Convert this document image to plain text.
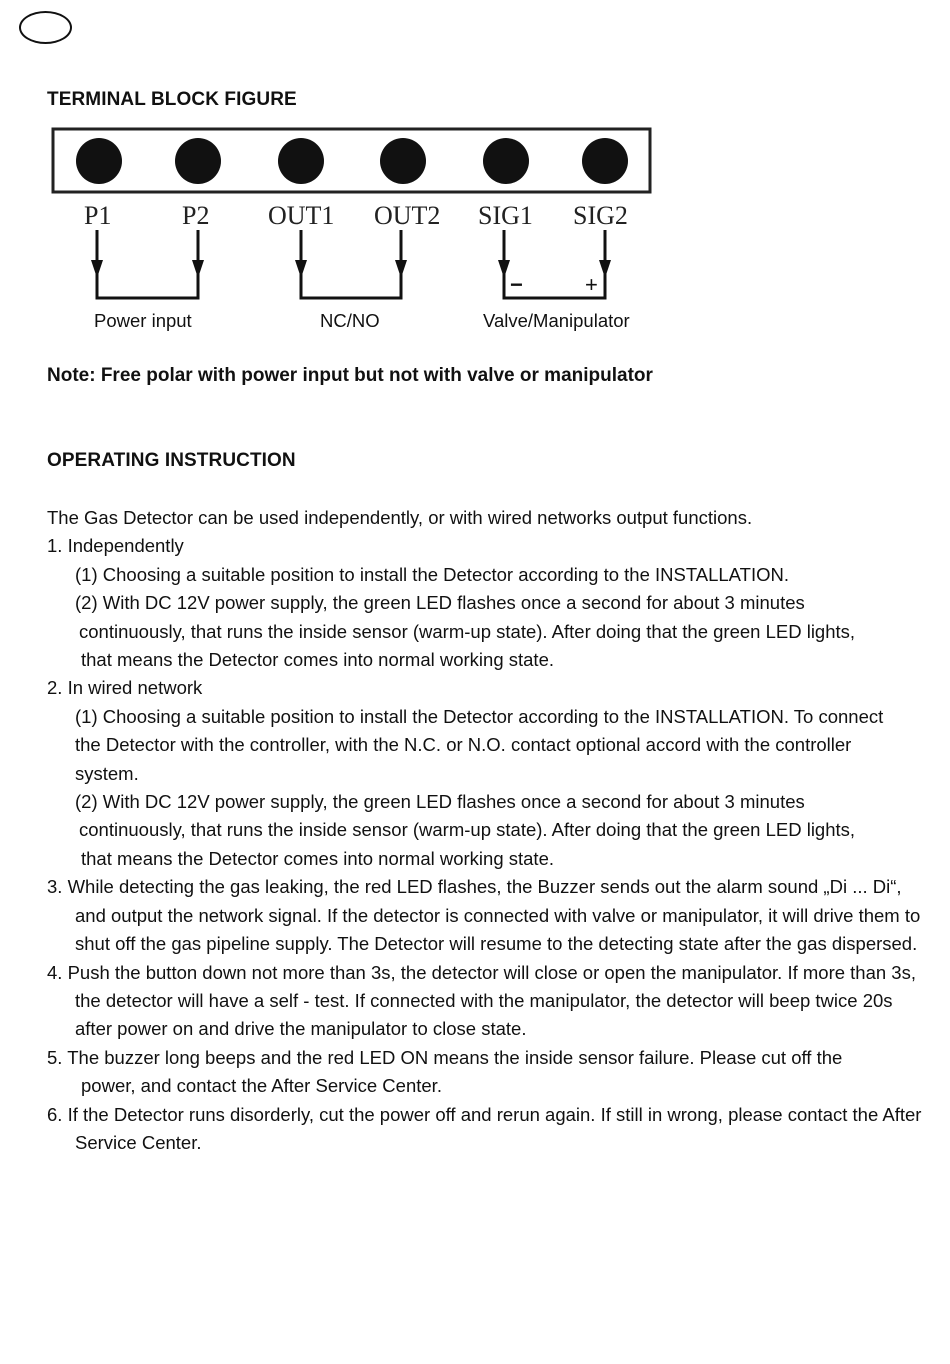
TERMINAL BLOCK FIGURE
P1	P2 OUT1 OUT2 SIG1 SIG2
−	+
Power input	NC/NO	Valve/Manipulator
Note: Free polar with power input but not with valve or manipulator
OPERATING INSTRUCTION

The Gas Detector can be used independently, or with wired networks output functions.

1. Independently

(1) Choosing a suitable position to install the Detector according to the INSTALLATION.

(2) With DC 12V power supply, the green LED flashes once a second for about 3 minutes

continuously, that runs the inside sensor (warm-up state). After doing that the green LED lights,

that means the Detector comes into normal working state.

2. In wired network

(1) Choosing a suitable position to install the Detector according to the INSTALLATION. To connect

the Detector with the controller, with the N.C. or N.O. contact optional accord with the controller

system.

(2) With DC 12V power supply, the green LED flashes once a second for about 3 minutes

continuously, that runs the inside sensor (warm-up state). After doing that the green LED lights,

that means the Detector comes into normal working state.

3. While detecting the gas leaking, the red LED flashes, the Buzzer sends out the alarm sound „Di ... Di“, and output the network signal. If the detector is connected with valve or manipulator, it will drive them to shut off the gas pipeline supply. The Detector will resume to the detecting state after the gas dispersed.

4. Push the button down not more than 3s, the detector will close or open the manipulator. If more than 3s, the detector will have a self - test. If connected with the manipulator, the detector will beep twice 20s after power on and drive the manipulator to close state.

5. The buzzer long beeps and the red LED ON means the inside sensor failure. Please cut off the

power, and contact the After Service Center.

6. If the Detector runs disorderly, cut the power off and rerun again. If still in wrong, please contact the After Service Center.
